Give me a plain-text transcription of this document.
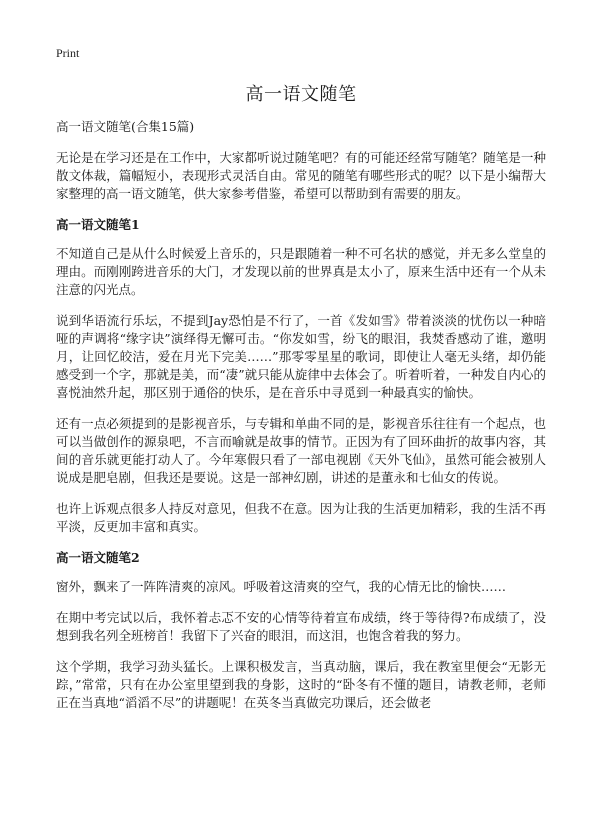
Print
高一语文随笔

高一语文随笔(合集15篇)

无论是在学习还是在工作中，大家都听说过随笔吧？有的可能还经常写随笔？随笔是一种散文体裁，篇幅短小，表现形式灵活自由。常见的随笔有哪些形式的呢？以下是小编帮大家整理的高一语文随笔，供大家参考借鉴，希望可以帮助到有需要的朋友。

高一语文随笔1

不知道自己是从什么时候爱上音乐的，只是跟随着一种不可名状的感觉，并无多么堂皇的理由。而刚刚跨进音乐的大门，才发现以前的世界真是太小了，原来生活中还有一个从未注意的闪光点。

说到华语流行乐坛，不提到Jay恐怕是不行了，一首《发如雪》带着淡淡的忧伤以一种暗哑的声调将“缘字诀”演绎得无懈可击。“你发如雪，纷飞的眼泪，我焚香感动了谁，邀明月，让回忆皎洁，爱在月光下完美……”那零零星星的歌词，即使让人毫无头绪，却仍能感受到一个字，那就是美，而“凄”就只能从旋律中去体会了。听着听着，一种发自内心的喜悦油然升起，那区别于通俗的快乐，是在音乐中寻觅到一种最真实的愉快。

还有一点必须提到的是影视音乐，与专辑和单曲不同的是，影视音乐往往有一个起点，也可以当做创作的源泉吧，不言而喻就是故事的情节。正因为有了回环曲折的故事内容，其间的音乐就更能打动人了。今年寒假只看了一部电视剧《天外飞仙》，虽然可能会被别人说成是肥皂剧，但我还是要说。这是一部神幻剧，讲述的是董永和七仙女的传说。

也许上诉观点很多人持反对意见，但我不在意。因为让我的生活更加精彩，我的生活不再平淡，反更加丰富和真实。

高一语文随笔2

窗外，飘来了一阵阵清爽的凉风。呼吸着这清爽的空气，我的心情无比的愉快……

在期中考完试以后，我怀着忐忑不安的心情等待着宣布成绩，终于等待得?布成绩了，没想到我名列全班榜首！我留下了兴奋的眼泪，而这泪，也饱含着我的努力。

这个学期，我学习劲头猛长。上课积极发言，当真动脑，课后，我在教室里便会“无影无踪，”常常，只有在办公室里望到我的身影，这时的“卧冬有不懂的题目，请教老师，老师正在当真地“滔滔不尽”的讲题呢！在英冬当真做完功课后，还会做老
